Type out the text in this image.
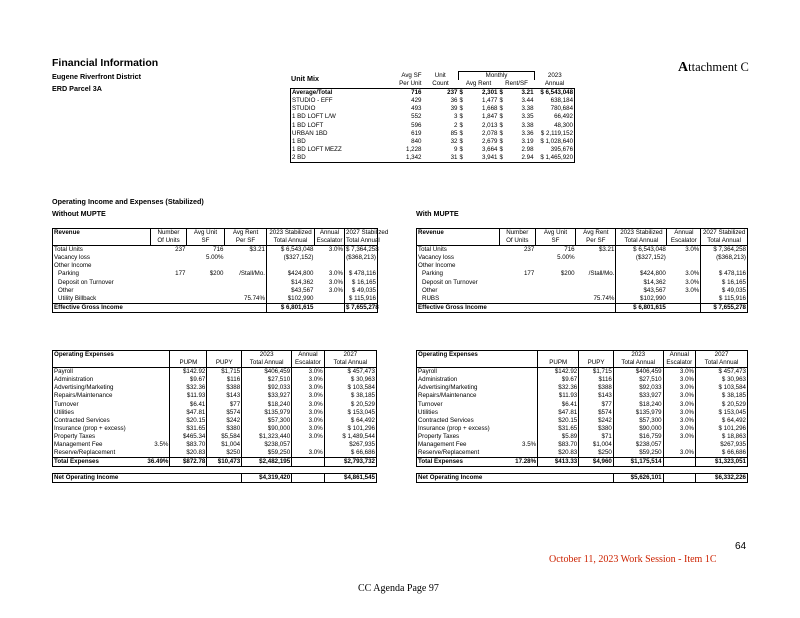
Financial Information
Eugene Riverfront District
ERD Parcel 3A
Attachment C
Unit Mix
		Avg SF	Unit	Monthly		2023
	Per Unit	Count	Avg Rent	Rent/SF	Annual
Average/Total	716	237	$ 2,301	$ 3.21	$ 6,543,048
STUDIO - EFF	429	36	$ 1,477	$ 3.44	638,184
STUDIO	493	39	$ 1,668	$ 3.38	780,684
1 BD LOFT L/W	552	3	$ 1,847	$ 3.35	66,492
1 BD LOFT	596	2	$ 2,013	$ 3.38	48,300
URBAN 1BD	619	85	$ 2,078	$ 3.36	$ 2,119,152
1 BD	840	32	$ 2,679	$ 3.19	$ 1,028,640
1 BD LOFT MEZZ	1,228	9	$ 3,664	$ 2.98	395,676
2 BD	1,342	31	$ 3,941	$ 2.94	$ 1,465,920
Operating Income and Expenses (Stabilized)
Without MUPTE	With MUPTE
Revenue	Number	Avg Unit	Avg Rent	2023 Stabilized	Annual	2027 Stabilized
	Of Units	SF	Per SF	Total Annual	Escalator	Total Annual
Total Units	237	716	$3.21	$ 6,543,048	3.0%	$ 7,364,258
Vacancy loss		5.00%		($327,152)		($368,213)
Other Income						
Parking	177	$200	/Stall/Mo.	$424,800	3.0%	$ 478,116
Deposit on Turnover				$14,362	3.0%	$ 16,165
Other				$43,567	3.0%	$ 49,035
Utility Billback			75.74%	$102,990		$ 115,916
Effective Gross Income				$ 6,801,615		$ 7,655,278
Revenue	Number	Avg Unit	Avg Rent	2023 Stabilized	Annual	2027 Stabilized
	Of Units	SF	Per SF	Total Annual	Escalator	Total Annual
Total Units	237	716	$3.21	$ 6,543,048	3.0%	$ 7,364,258
Vacancy loss		5.00%		($327,152)		($368,213)
Other Income						
Parking	177	$200	/Stall/Mo.	$424,800	3.0%	$ 478,116
Deposit on Turnover				$14,362	3.0%	$ 16,165
Other				$43,567	3.0%	$ 49,035
RUBS			75.74%	$102,990		$ 115,916
Effective Gross Income				$ 6,801,615		$ 7,655,278
Operating Expenses				2023	Annual	2027
		PUPM	PUPY	Total Annual	Escalator	Total Annual
Payroll		$142.92	$1,715	$406,459	3.0%	$ 457,473
Administration		$9.67	$116	$27,510	3.0%	$ 30,963
Advertising/Marketing		$32.36	$388	$92,033	3.0%	$ 103,584
Repairs/Maintenance		$11.93	$143	$33,927	3.0%	$ 38,185
Turnover		$6.41	$77	$18,240	3.0%	$ 20,529
Utilities		$47.81	$574	$135,979	3.0%	$ 153,045
Contracted Services		$20.15	$242	$57,300	3.0%	$ 64,492
Insurance (prop + excess)		$31.65	$380	$90,000	3.0%	$ 101,296
Property Taxes		$465.34	$5,584	$1,323,440	3.0%	$ 1,489,544
Management Fee	3.5%	$83.70	$1,004	$238,057		$267,935
Reserve/Replacement		$20.83	$250	$59,250	3.0%	$ 66,686
Total Expenses	36.49%	$872.78	$10,473	$2,482,195		$2,793,732

Net Operating Income				$4,319,420		$4,861,545
Operating Expenses				2023	Annual	2027
		PUPM	PUPY	Total Annual	Escalator	Total Annual
Payroll		$142.92	$1,715	$406,459	3.0%	$ 457,473
Administration		$9.67	$116	$27,510	3.0%	$ 30,963
Advertising/Marketing		$32.36	$388	$92,033	3.0%	$ 103,584
Repairs/Maintenance		$11.93	$143	$33,927	3.0%	$ 38,185
Turnover		$6.41	$77	$18,240	3.0%	$ 20,529
Utilities		$47.81	$574	$135,979	3.0%	$ 153,045
Contracted Services		$20.15	$242	$57,300	3.0%	$ 64,492
Insurance (prop + excess)		$31.65	$380	$90,000	3.0%	$ 101,296
Property Taxes		$5.89	$71	$16,759	3.0%	$ 18,863
Management Fee	3.5%	$83.70	$1,004	$238,057		$267,935
Reserve/Replacement		$20.83	$250	$59,250	3.0%	$ 66,686
Total Expenses	17.28%	$413.33	$4,960	$1,175,514		$1,323,051

Net Operating Income				$5,626,101		$6,332,226
64
October 11, 2023 Work Session - Item 1C
CC Agenda Page 97
